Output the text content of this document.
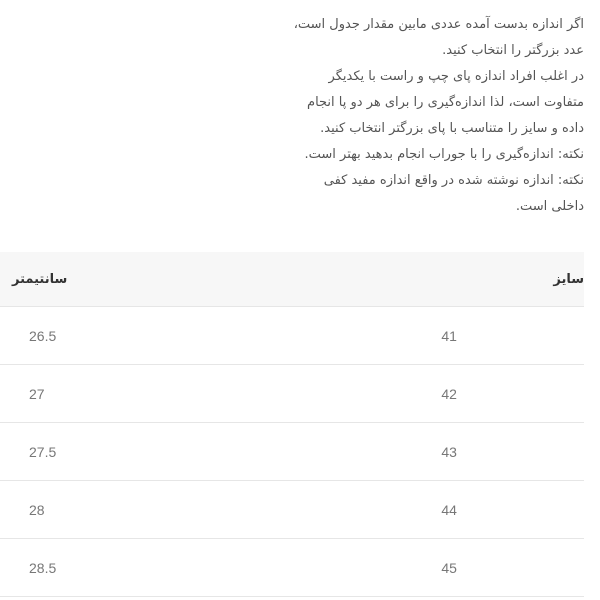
اگر اندازه بدست آمده عددی مابین مقدار جدول است،
عدد بزرگتر را انتخاب کنید.
در اغلب افراد اندازه پای چپ و راست با یکدیگر
متفاوت است، لذا اندازه‌گیری را برای هر دو پا انجام
داده و سایز را متناسب با پای بزرگتر انتخاب کنید.
نکته: اندازه‌گیری را با جوراب انجام بدهید بهتر است.
نکته: اندازه نوشته شده در واقع اندازه مفید کفی
داخلی است.
سانتیمتر	سایز
26.5	41
27	42
27.5	43
28	44
28.5	45
